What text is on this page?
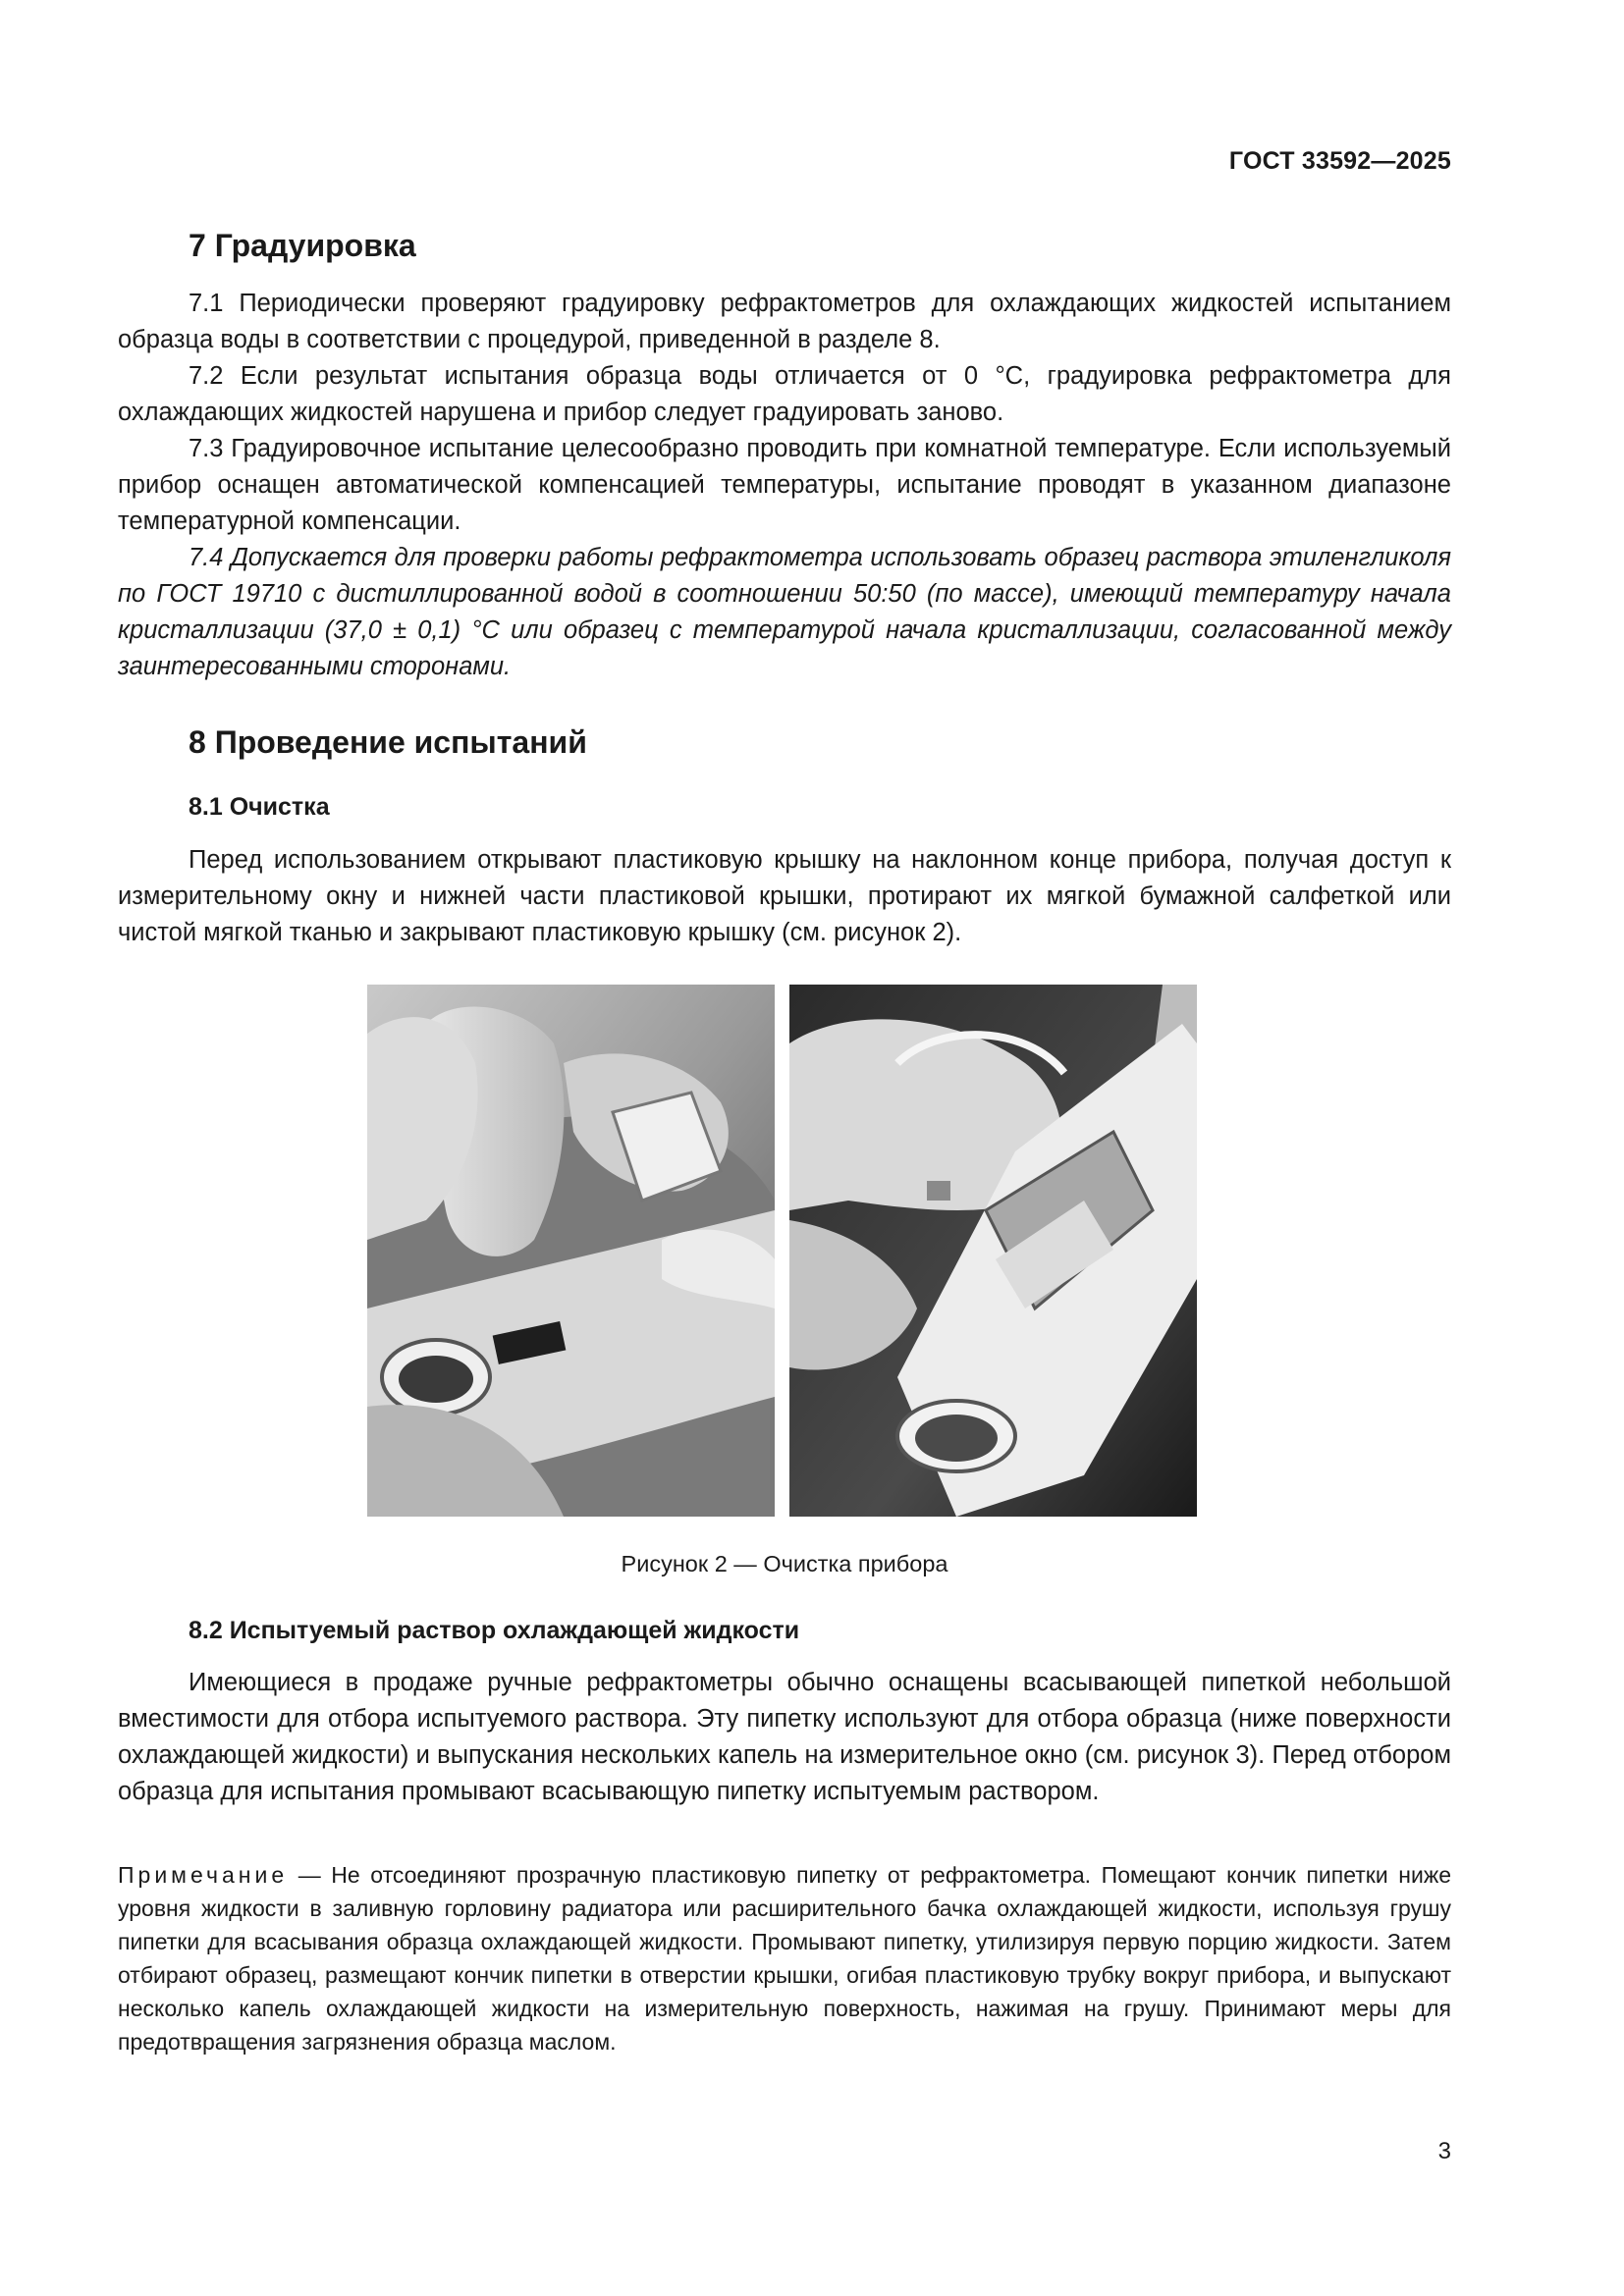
ГОСТ 33592—2025
7 Градуировка

7.1 Периодически проверяют градуировку рефрактометров для охлаждающих жидкостей испытанием образца воды в соответствии с процедурой, приведенной в разделе 8.

7.2 Если результат испытания образца воды отличается от 0 °С, градуировка рефрактометра для охлаждающих жидкостей нарушена и прибор следует градуировать заново.

7.3 Градуировочное испытание целесообразно проводить при комнатной температуре. Если используемый прибор оснащен автоматической компенсацией температуры, испытание проводят в указанном диапазоне температурной компенсации.

7.4 Допускается для проверки работы рефрактометра использовать образец раствора этиленгликоля по ГОСТ 19710 с дистиллированной водой в соотношении 50:50 (по массе), имеющий температуру начала кристаллизации (37,0 ± 0,1) °С или образец с температурой начала кристаллизации, согласованной между заинтересованными сторонами.

8 Проведение испытаний
8.1 Очистка

Перед использованием открывают пластиковую крышку на наклонном конце прибора, получая доступ к измерительному окну и нижней части пластиковой крышки, протирают их мягкой бумажной салфеткой или чистой мягкой тканью и закрывают пластиковую крышку (см. рисунок 2).

Рисунок 2 — Очистка прибора
8.2 Испытуемый раствор охлаждающей жидкости

Имеющиеся в продаже ручные рефрактометры обычно оснащены всасывающей пипеткой небольшой вместимости для отбора испытуемого раствора. Эту пипетку используют для отбора образца (ниже поверхности охлаждающей жидкости) и выпускания нескольких капель на измерительное окно (см. рисунок 3). Перед отбором образца для испытания промывают всасывающую пипетку испытуемым раствором.

Примечание — Не отсоединяют прозрачную пластиковую пипетку от рефрактометра. Помещают кончик пипетки ниже уровня жидкости в заливную горловину радиатора или расширительного бачка охлаждающей жидкости, используя грушу пипетки для всасывания образца охлаждающей жидкости. Промывают пипетку, утилизируя первую порцию жидкости. Затем отбирают образец, размещают кончик пипетки в отверстии крышки, огибая пластиковую трубку вокруг прибора, и выпускают несколько капель охлаждающей жидкости на измерительную поверхность, нажимая на грушу. Принимают меры для предотвращения загрязнения образца маслом.

3
